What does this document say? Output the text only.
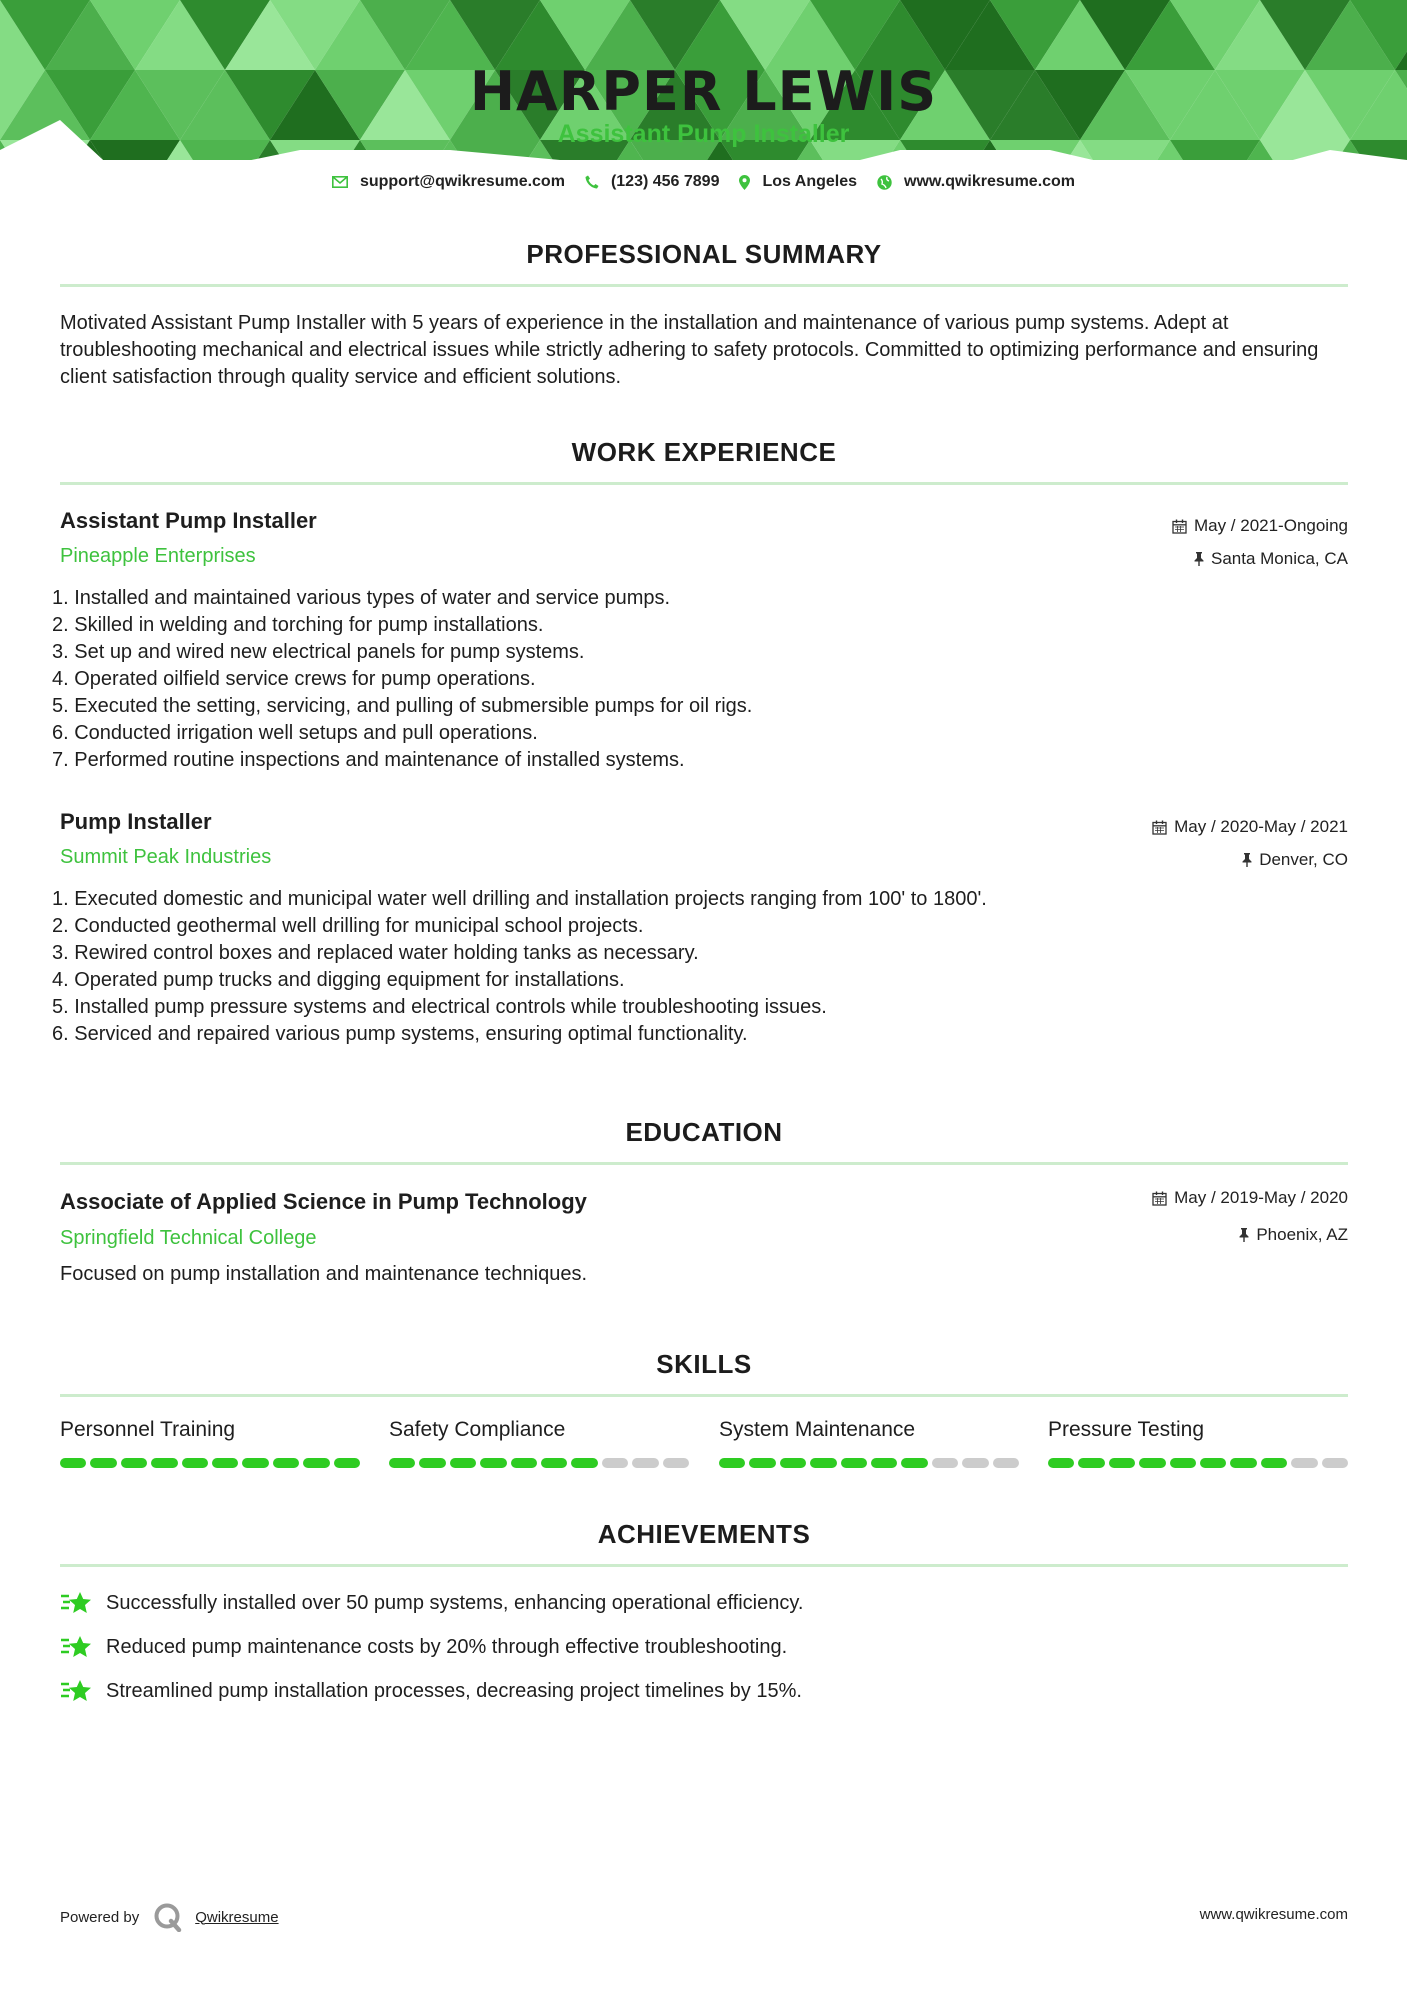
HARPER LEWIS
Assistant Pump Installer
support@qwikresume.com	(123) 456 7899	Los Angeles	www.qwikresume.com
PROFESSIONAL SUMMARY
Motivated Assistant Pump Installer with 5 years of experience in the installation and maintenance of various pump systems. Adept at troubleshooting mechanical and electrical issues while strictly adhering to safety protocols. Committed to optimizing performance and ensuring client satisfaction through quality service and efficient solutions.
WORK EXPERIENCE
Assistant Pump Installer	May / 2021-Ongoing
Pineapple Enterprises	Santa Monica, CA
1. Installed and maintained various types of water and service pumps.
2. Skilled in welding and torching for pump installations.
3. Set up and wired new electrical panels for pump systems.
4. Operated oilfield service crews for pump operations.
5. Executed the setting, servicing, and pulling of submersible pumps for oil rigs.
6. Conducted irrigation well setups and pull operations.
7. Performed routine inspections and maintenance of installed systems.
Pump Installer	May / 2020-May / 2021
Summit Peak Industries	Denver, CO
1. Executed domestic and municipal water well drilling and installation projects ranging from 100' to 1800'.
2. Conducted geothermal well drilling for municipal school projects.
3. Rewired control boxes and replaced water holding tanks as necessary.
4. Operated pump trucks and digging equipment for installations.
5. Installed pump pressure systems and electrical controls while troubleshooting issues.
6. Serviced and repaired various pump systems, ensuring optimal functionality.
EDUCATION
Associate of Applied Science in Pump Technology	May / 2019-May / 2020
Springfield Technical College	Phoenix, AZ
Focused on pump installation and maintenance techniques.
SKILLS
Personnel Training	Safety Compliance	System Maintenance	Pressure Testing
ACHIEVEMENTS
Successfully installed over 50 pump systems, enhancing operational efficiency.
Reduced pump maintenance costs by 20% through effective troubleshooting.
Streamlined pump installation processes, decreasing project timelines by 15%.
Powered by	Qwikresume	www.qwikresume.com
